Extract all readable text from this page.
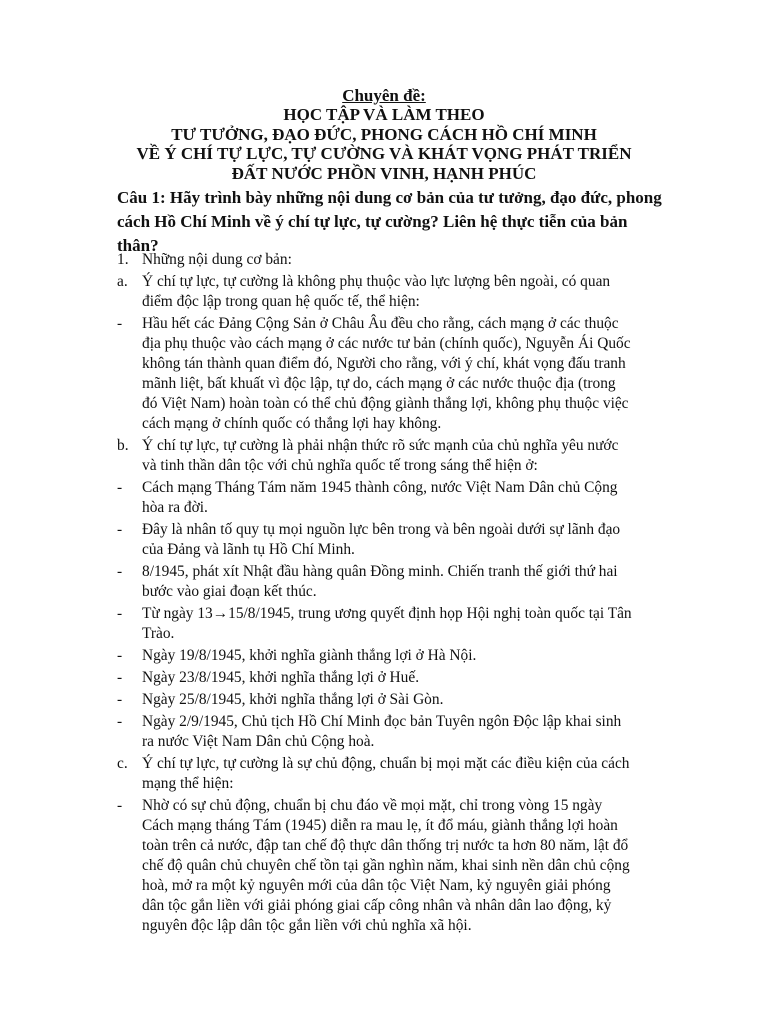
Chuyên đề:
HỌC TẬP VÀ LÀM THEO
TƯ TƯỞNG, ĐẠO ĐỨC, PHONG CÁCH HỒ CHÍ MINH
VỀ Ý CHÍ TỰ LỰC, TỰ CƯỜNG VÀ KHÁT VỌNG PHÁT TRIỂN
ĐẤT NƯỚC PHỒN VINH, HẠNH PHÚC
Câu 1: Hãy trình bày những nội dung cơ bản của tư tưởng, đạo đức, phong
cách Hồ Chí Minh về ý chí tự lực, tự cường? Liên hệ thực tiễn của bản
thân?
1. Những nội dung cơ bản:
a. Ý chí tự lực, tự cường là không phụ thuộc vào lực lượng bên ngoài, có quan
điểm độc lập trong quan hệ quốc tế, thể hiện:
-	Hầu hết các Đảng Cộng Sản ở Châu Âu đều cho rằng, cách mạng ở các thuộc
địa phụ thuộc vào cách mạng ở các nước tư bản (chính quốc), Nguyễn Ái Quốc
không tán thành quan điểm đó, Người cho rằng, với ý chí, khát vọng đấu tranh
mãnh liệt, bất khuất vì độc lập, tự do, cách mạng ở các nước thuộc địa (trong
đó Việt Nam) hoàn toàn có thể chủ động giành thắng lợi, không phụ thuộc việc
cách mạng ở chính quốc có thắng lợi hay không.
b. Ý chí tự lực, tự cường là phải nhận thức rõ sức mạnh của chủ nghĩa yêu nước
và tinh thần dân tộc với chủ nghĩa quốc tế trong sáng thể hiện ở:
-	Cách mạng Tháng Tám năm 1945 thành công, nước Việt Nam Dân chủ Cộng
hòa ra đời.
-	Đây là nhân tố quy tụ mọi nguồn lực bên trong và bên ngoài dưới sự lãnh đạo
của Đảng và lãnh tụ Hồ Chí Minh.
-	8/1945, phát xít Nhật đầu hàng quân Đồng minh. Chiến tranh thế giới thứ hai
bước vào giai đoạn kết thúc.
-	Từ ngày 13→15/8/1945, trung ương quyết định họp Hội nghị toàn quốc tại Tân
Trào.
-	Ngày 19/8/1945, khởi nghĩa giành thắng lợi ở Hà Nội.
-	Ngày 23/8/1945, khởi nghĩa thắng lợi ở Huế.
-	Ngày 25/8/1945, khởi nghĩa thắng lợi ở Sài Gòn.
-	Ngày 2/9/1945, Chủ tịch Hồ Chí Minh đọc bản Tuyên ngôn Độc lập khai sinh
ra nước Việt Nam Dân chủ Cộng hoà.
c. Ý chí tự lực, tự cường là sự chủ động, chuẩn bị mọi mặt các điều kiện của cách
mạng thể hiện:
-	Nhờ có sự chủ động, chuẩn bị chu đáo về mọi mặt, chỉ trong vòng 15 ngày
Cách mạng tháng Tám (1945) diễn ra mau lẹ, ít đổ máu, giành thắng lợi hoàn
toàn trên cả nước, đập tan chế độ thực dân thống trị nước ta hơn 80 năm, lật đổ
chế độ quân chủ chuyên chế tồn tại gần nghìn năm, khai sinh nền dân chủ cộng
hoà, mở ra một kỷ nguyên mới của dân tộc Việt Nam, kỷ nguyên giải phóng
dân tộc gắn liền với giải phóng giai cấp công nhân và nhân dân lao động, kỷ
nguyên độc lập dân tộc gắn liền với chủ nghĩa xã hội.
